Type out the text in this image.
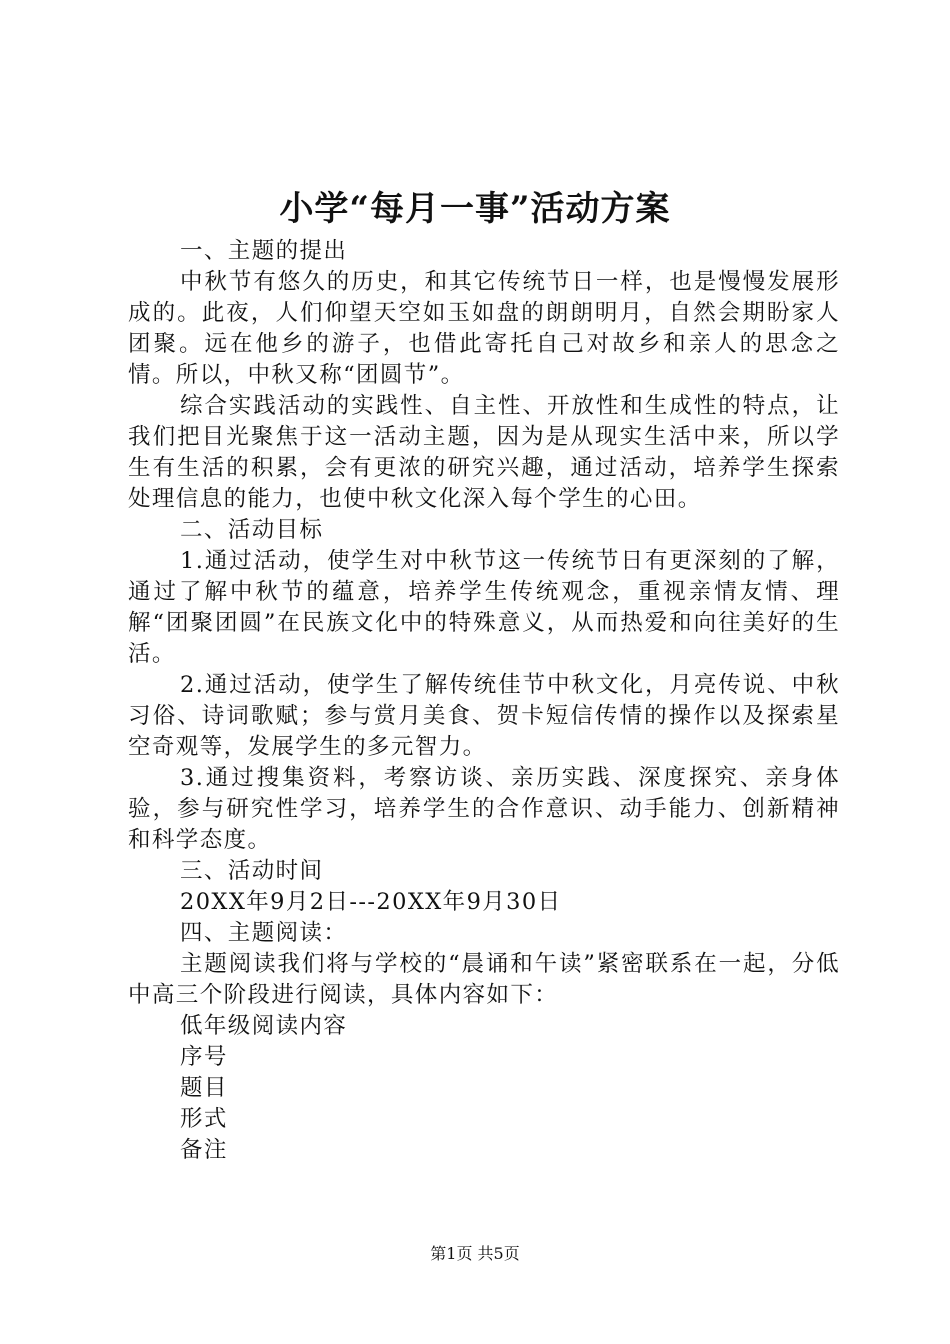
小学“每月一事”活动方案

一、主题的提出

中秋节有悠久的历史，和其它传统节日一样，也是慢慢发展形成的。此夜，人们仰望天空如玉如盘的朗朗明月，自然会期盼家人团聚。远在他乡的游子，也借此寄托自己对故乡和亲人的思念之情。所以，中秋又称“团圆节”。

综合实践活动的实践性、自主性、开放性和生成性的特点，让我们把目光聚焦于这一活动主题，因为是从现实生活中来，所以学生有生活的积累，会有更浓的研究兴趣，通过活动，培养学生探索处理信息的能力，也使中秋文化深入每个学生的心田。

二、活动目标

1.通过活动，使学生对中秋节这一传统节日有更深刻的了解，通过了解中秋节的蕴意，培养学生传统观念，重视亲情友情、理解“团聚团圆”在民族文化中的特殊意义，从而热爱和向往美好的生活。

2.通过活动，使学生了解传统佳节中秋文化，月亮传说、中秋习俗、诗词歌赋；参与赏月美食、贺卡短信传情的操作以及探索星空奇观等，发展学生的多元智力。

3.通过搜集资料，考察访谈、亲历实践、深度探究、亲身体验，参与研究性学习，培养学生的合作意识、动手能力、创新精神和科学态度。

三、活动时间

20XX年9月2日---20XX年9月30日

四、主题阅读：

主题阅读我们将与学校的“晨诵和午读”紧密联系在一起，分低中高三个阶段进行阅读，具体内容如下：

低年级阅读内容

序号

题目

形式

备注

第1页 共5页
